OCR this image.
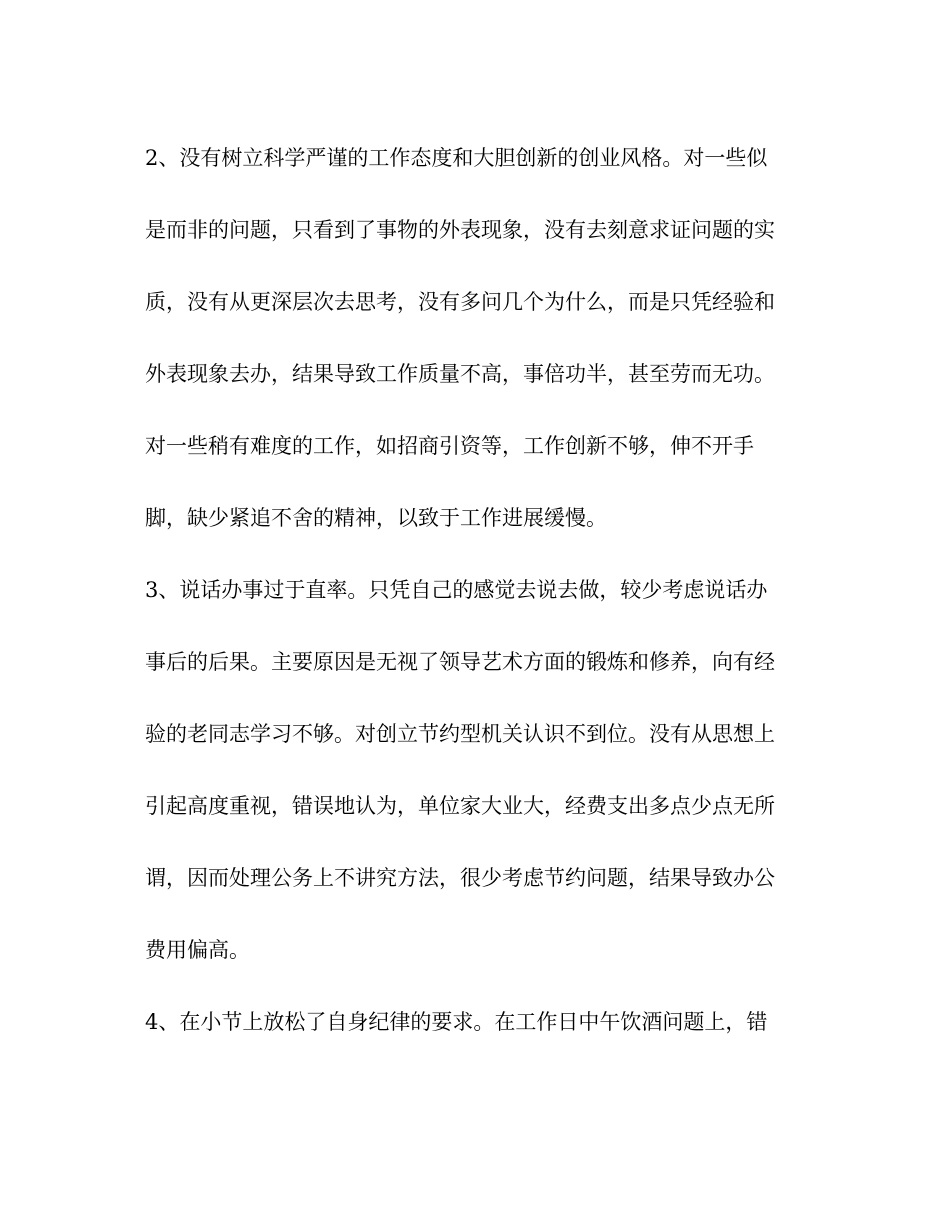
2、没有树立科学严谨的工作态度和大胆创新的创业风格。对一些似
是而非的问题，只看到了事物的外表现象，没有去刻意求证问题的实
质，没有从更深层次去思考，没有多问几个为什么，而是只凭经验和
外表现象去办，结果导致工作质量不高，事倍功半，甚至劳而无功。
对一些稍有难度的工作，如招商引资等，工作创新不够，伸不开手
脚，缺少紧追不舍的精神，以致于工作进展缓慢。
3、说话办事过于直率。只凭自己的感觉去说去做，较少考虑说话办
事后的后果。主要原因是无视了领导艺术方面的锻炼和修养，向有经
验的老同志学习不够。对创立节约型机关认识不到位。没有从思想上
引起高度重视，错误地认为，单位家大业大，经费支出多点少点无所
谓，因而处理公务上不讲究方法，很少考虑节约问题，结果导致办公
费用偏高。
4、在小节上放松了自身纪律的要求。在工作日中午饮酒问题上，错
